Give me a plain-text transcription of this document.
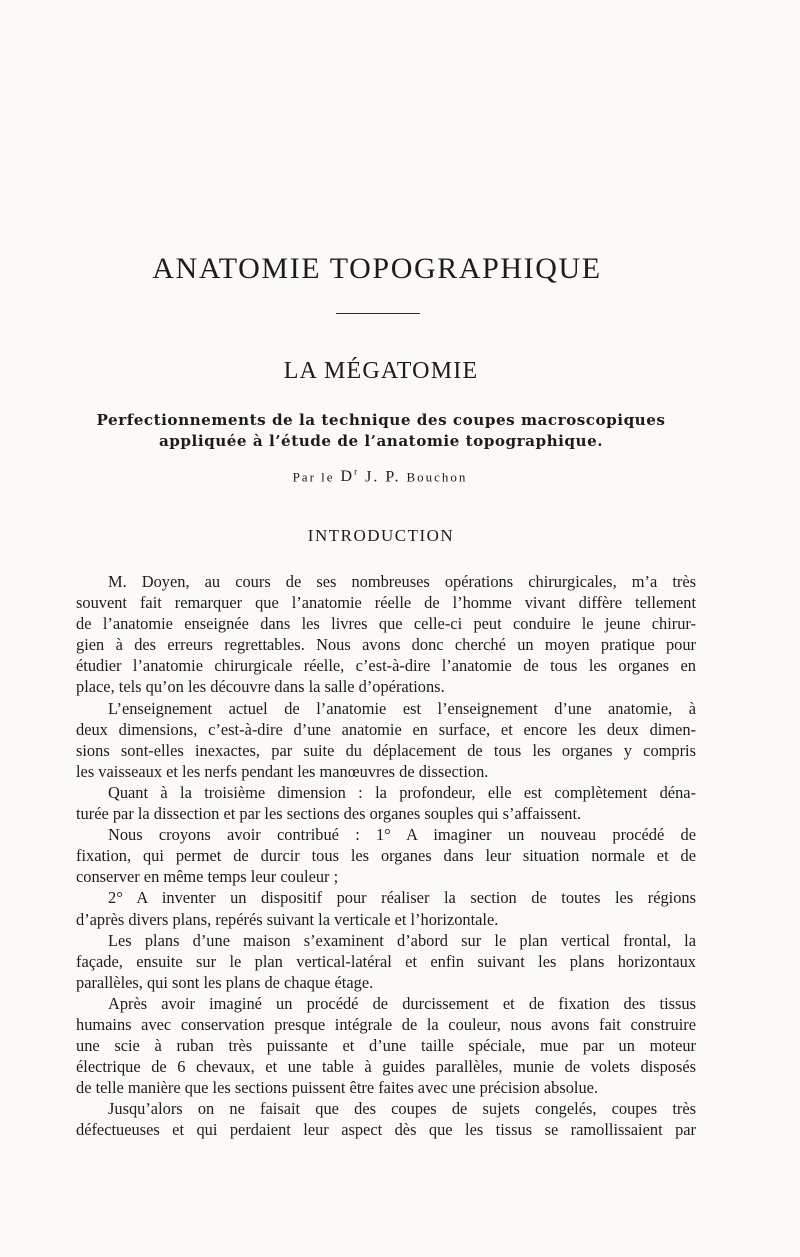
ANATOMIE TOPOGRAPHIQUE
LA MÉGATOMIE
Perfectionnements de la technique des coupes macroscopiques
appliquée à l’étude de l’anatomie topographique.
Par le $D^r$ J. P. Bouchon
INTRODUCTION
M. Doyen, au cours de ses nombreuses opérations chirurgicales, m’a très
souvent fait remarquer que l’anatomie réelle de l’homme vivant diffère tellement
de l’anatomie enseignée dans les livres que celle-ci peut conduire le jeune chirur-
gien à des erreurs regrettables. Nous avons donc cherché un moyen pratique pour
étudier l’anatomie chirurgicale réelle, c’est-à-dire l’anatomie de tous les organes en
place, tels qu’on les découvre dans la salle d’opérations.
L’enseignement actuel de l’anatomie est l’enseignement d’une anatomie, à
deux dimensions, c’est-à-dire d’une anatomie en surface, et encore les deux dimen-
sions sont-elles inexactes, par suite du déplacement de tous les organes y compris
les vaisseaux et les nerfs pendant les manœuvres de dissection.
Quant à la troisième dimension : la profondeur, elle est complètement déna-
turée par la dissection et par les sections des organes souples qui s’affaissent.
Nous croyons avoir contribué : 1° A imaginer un nouveau procédé de
fixation, qui permet de durcir tous les organes dans leur situation normale et de
conserver en même temps leur couleur ;
2° A inventer un dispositif pour réaliser la section de toutes les régions
d’après divers plans, repérés suivant la verticale et l’horizontale.
Les plans d’une maison s’examinent d’abord sur le plan vertical frontal, la
façade, ensuite sur le plan vertical-latéral et enfin suivant les plans horizontaux
parallèles, qui sont les plans de chaque étage.
Après avoir imaginé un procédé de durcissement et de fixation des tissus
humains avec conservation presque intégrale de la couleur, nous avons fait construire
une scie à ruban très puissante et d’une taille spéciale, mue par un moteur
électrique de 6 chevaux, et une table à guides parallèles, munie de volets disposés
de telle manière que les sections puissent être faites avec une précision absolue.
Jusqu’alors on ne faisait que des coupes de sujets congelés, coupes très
défectueuses et qui perdaient leur aspect dès que les tissus se ramollissaient par
